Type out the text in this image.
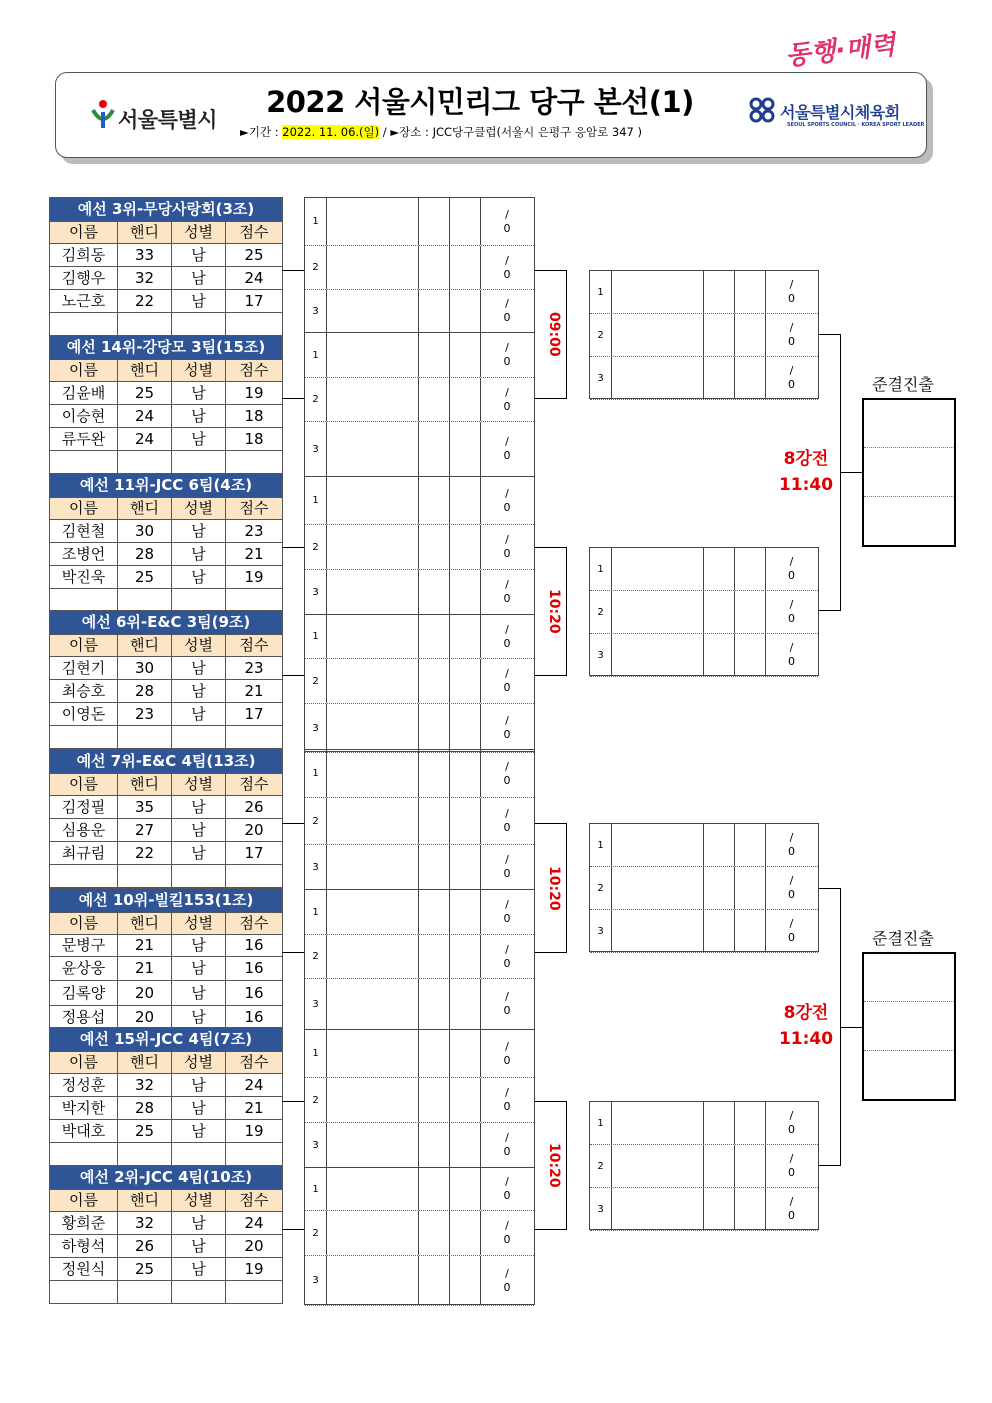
동행·매력
서울특별시
2022 서울시민리그 당구 본선(1)
►기간 : 2022. 11. 06.(일) / ►장소 : JCC당구클럽(서울시 은평구 응암로 347 )
서울특별시체육회
SEOUL SPORTS COUNCIL · KOREA SPORT LEADER
예선 3위-무당사랑회(3조)			
이름	핸디	성별	점수
김희동	33	남	25
김행우	32	남	24
노근호	22	남	17

예선 14위-강당모 3팀(15조)			
이름	핸디	성별	점수
김윤배	25	남	19
이승현	24	남	18
류두완	24	남	18

예선 11위-JCC 6팀(4조)			
이름	핸디	성별	점수
김현철	30	남	23
조병언	28	남	21
박진욱	25	남	19

예선 6위-E&C 3팀(9조)			
이름	핸디	성별	점수
김현기	30	남	23
최승호	28	남	21
이영돈	23	남	17

예선 7위-E&C 4팀(13조)			
이름	핸디	성별	점수
김정필	35	남	26
심용운	27	남	20
최규림	22	남	17

예선 10위-빌킬153(1조)			
이름	핸디	성별	점수
문병구	21	남	16
윤상웅	21	남	16
김록양	20	남	16
정용섭	20	남	16
예선 15위-JCC 4팀(7조)			
이름	핸디	성별	점수
정성훈	32	남	24
박지한	28	남	21
박대호	25	남	19

예선 2위-JCC 4팀(10조)			
이름	핸디	성별	점수
황희준	32	남	24
하형석	26	남	20
정원식	25	남	19

1
/
0
2
/
0
3
/
0
1
/
0
2
/
0
3
/
0
1
/
0
2
/
0
3
/
0
1
/
0
2
/
0
3
/
0
1
/
0
2
/
0
3
/
0
1
/
0
2
/
0
3
/
0
1
/
0
2
/
0
3
/
0
1
/
0
2
/
0
3
/
0
1
/
0
2
/
0
3
/
0
1
/
0
2
/
0
3
/
0
1
/
0
2
/
0
3
/
0
1
/
0
2
/
0
3
/
0
09:00
10:20
10:20
10:20
8강전
11:40
준결진출
8강전
11:40
준결진출
